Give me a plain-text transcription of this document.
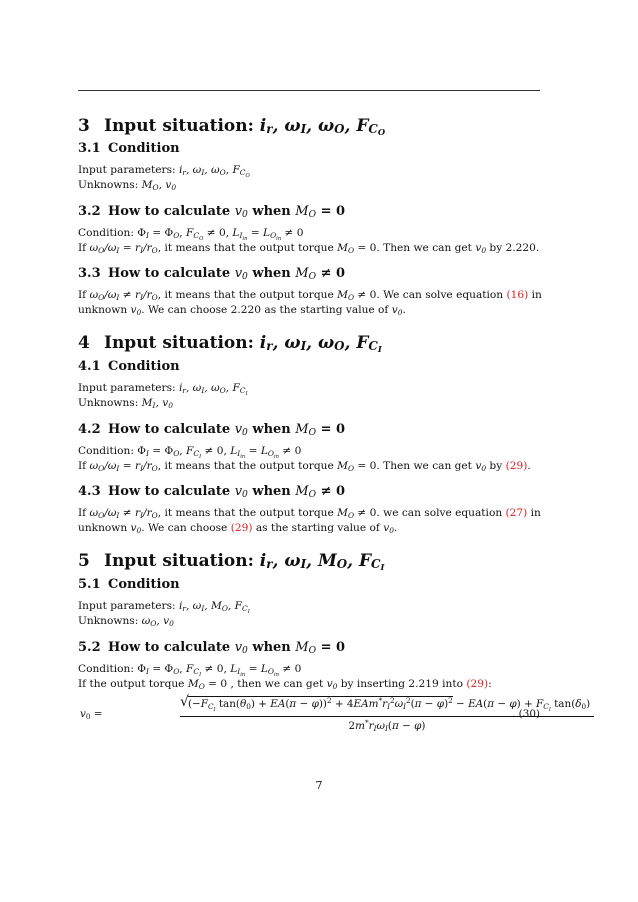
3 Input situation: $i_r$, $\omega_I$, $\omega_O$, $F_{C_O}$
3.1 Condition
Input parameters: $i_r$, $\omega_I$, $\omega_O$, $F_{C_O}$
Unknowns: $M_O$, $v_0$
3.2 How to calculate $v_0$ when $M_O = 0$
Condition: $\Phi_I = \Phi_O$, $F_{C_O} \ne 0$, $L_{I_{in}} = L_{O_{in}} \ne 0$
If $\omega_O/\omega_I = r_I/r_O$, it means that the output torque $M_O = 0$. Then we can get $v_0$ by 2.220.
3.3 How to calculate $v_0$ when $M_O \ne 0$
If $\omega_O/\omega_I \ne r_I/r_O$, it means that the output torque $M_O \ne 0$. We can solve equation (16) in
unknown $v_0$. We can choose 2.220 as the starting value of $v_0$.
4 Input situation: $i_r$, $\omega_I$, $\omega_O$, $F_{C_I}$
4.1 Condition
Input parameters: $i_r$, $\omega_I$, $\omega_O$, $F_{C_I}$
Unknowns: $M_I$, $v_0$
4.2 How to calculate $v_0$ when $M_O = 0$
Condition: $\Phi_I = \Phi_O$, $F_{C_I} \ne 0$, $L_{I_{in}} = L_{O_{in}} \ne 0$
If $\omega_O/\omega_I = r_I/r_O$, it means that the output torque $M_O = 0$. Then we can get $v_0$ by (29).
4.3 How to calculate $v_0$ when $M_O \ne 0$
If $\omega_O/\omega_I \ne r_I/r_O$, it means that the output torque $M_O \ne 0$. we can solve equation (27) in
unknown $v_0$. We can choose (29) as the starting value of $v_0$.
5 Input situation: $i_r$, $\omega_I$, $M_O$, $F_{C_I}$
5.1 Condition
Input parameters: $i_r$, $\omega_I$, $M_O$, $F_{C_I}$
Unknowns: $\omega_O$, $v_0$
5.2 How to calculate $v_0$ when $M_O = 0$
Condition: $\Phi_I = \Phi_O$, $F_{C_I} \ne 0$, $L_{I_{in}} = L_{O_{in}} \ne 0$
If the output torque $M_O = 0$ , then we can get $v_0$ by inserting 2.219 into (29):
$v_0$ =
√ ($-F_{C_I}$ $\tan(\theta_0) + EA(\pi - \varphi))^2 + 4EAm^*r_I^2\omega_I^2(\pi - \varphi)^2 - EA(\pi - \varphi) + F_{C_I}$ $\tan(\delta_0)$
$2m^*r_I\omega_I(\pi - \varphi)$
. (30)
7
